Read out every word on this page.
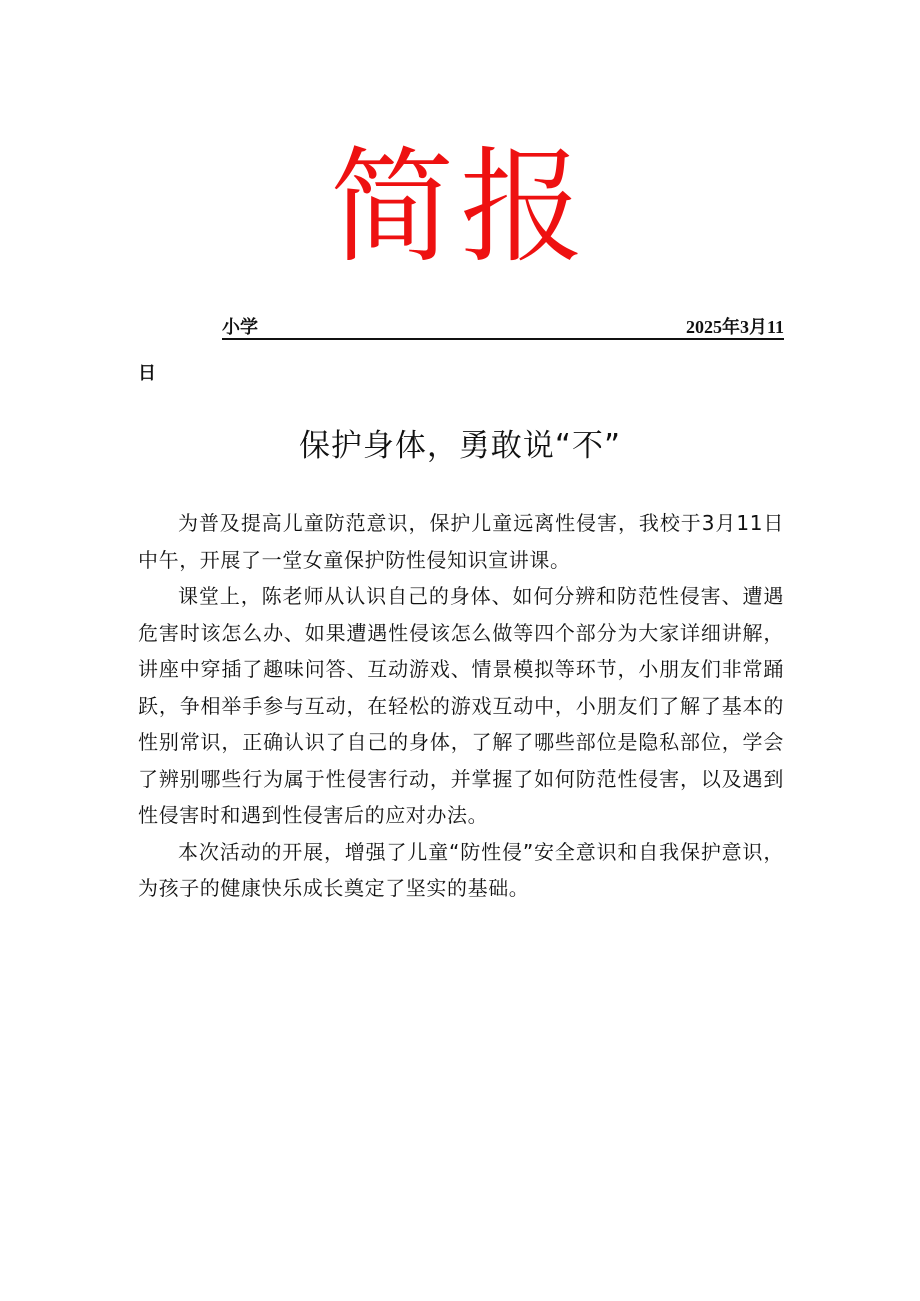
简报
小学	2025年3月11
日
保护身体，勇敢说“不”

为普及提高儿童防范意识，保护儿童远离性侵害，我校于3月11日中午，开展了一堂女童保护防性侵知识宣讲课。

课堂上，陈老师从认识自己的身体、如何分辨和防范性侵害、遭遇危害时该怎么办、如果遭遇性侵该怎么做等四个部分为大家详细讲解，讲座中穿插了趣味问答、互动游戏、情景模拟等环节，小朋友们非常踊跃，争相举手参与互动，在轻松的游戏互动中，小朋友们了解了基本的性别常识，正确认识了自己的身体，了解了哪些部位是隐私部位，学会了辨别哪些行为属于性侵害行动，并掌握了如何防范性侵害，以及遇到性侵害时和遇到性侵害后的应对办法。

本次活动的开展，增强了儿童“防性侵”安全意识和自我保护意识，为孩子的健康快乐成长奠定了坚实的基础。
